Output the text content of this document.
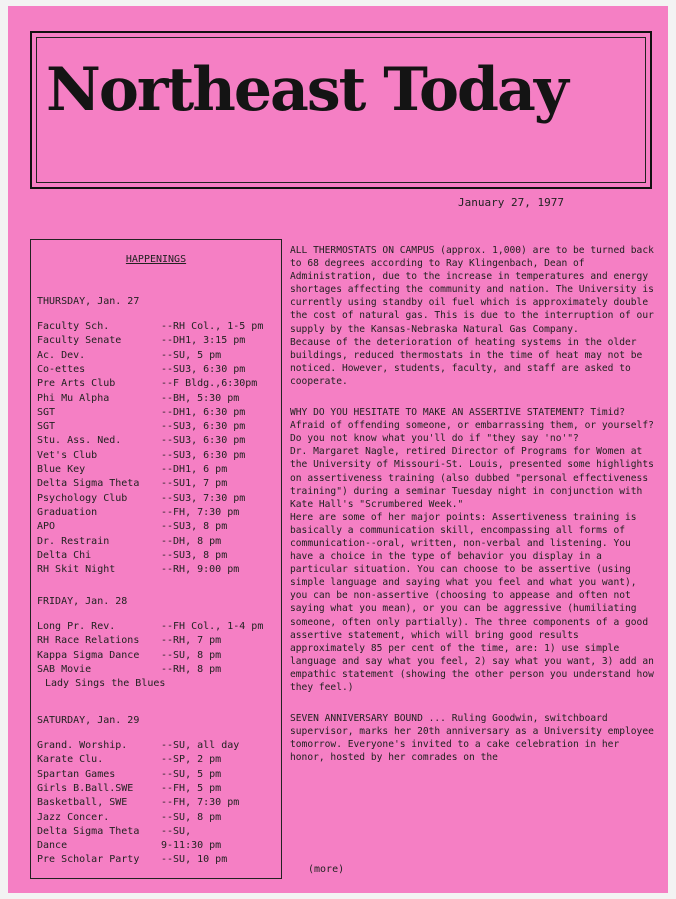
Northeast Today
January 27, 1977
HAPPENINGS
THURSDAY, Jan. 27
Faculty Sch.	--RH Col., 1-5 pm
Faculty Senate	--DH1, 3:15 pm
Ac. Dev.	--SU, 5 pm
Co-ettes	--SU3, 6:30 pm
Pre Arts Club	--F Bldg.,6:30pm
Phi Mu Alpha	--BH, 5:30 pm
SGT	--DH1, 6:30 pm
SGT	--SU3, 6:30 pm
Stu. Ass. Ned.	--SU3, 6:30 pm
Vet's Club	--SU3, 6:30 pm
Blue Key	--DH1, 6 pm
Delta Sigma Theta --SU1, 7 pm
Psychology Club	--SU3, 7:30 pm
Graduation	--FH, 7:30 pm
APO	--SU3, 8 pm
Dr. Restrain	--DH, 8 pm
Delta Chi	--SU3, 8 pm
RH Skit Night	--RH, 9:00 pm
FRIDAY, Jan. 28
Long Pr. Rev.	--FH Col., 1-4 pm
RH Race Relations --RH, 7 pm
Kappa Sigma Dance --SU, 8 pm
SAB Movie	--RH, 8 pm
Lady Sings the Blues
SATURDAY, Jan. 29
Grand. Worship.	--SU, all day
Karate Clu.	--SP, 2 pm
Spartan Games	--SU, 5 pm
Girls B.Ball.SWE	--FH, 5 pm
Basketball, SWE	--FH, 7:30 pm
Jazz Concer.	--SU, 8 pm
Delta Sigma Theta --SU,
Dance	9-11:30 pm
Pre Scholar Party --SU, 10 pm

ALL THERMOSTATS ON CAMPUS (approx. 1,000) are to be turned back to 68 degrees according to Ray Klingenbach, Dean of Administration, due to the increase in temperatures and energy shortages affecting the community and nation. The University is currently using standby oil fuel which is approximately double the cost of natural gas. This is due to the interruption of our supply by the Kansas-Nebraska Natural Gas Company.
Because of the deterioration of heating systems in the older buildings, reduced thermostats in the time of heat may not be noticed. However, students, faculty, and staff are asked to cooperate.

WHY DO YOU HESITATE TO MAKE AN ASSERTIVE STATEMENT? Timid? Afraid of offending someone, or embarrassing them, or yourself? Do you not know what you'll do if "they say 'no'"?
Dr. Margaret Nagle, retired Director of Programs for Women at the University of Missouri-St. Louis, presented some highlights on assertiveness training (also dubbed "personal effectiveness training") during a seminar Tuesday night in conjunction with Kate Hall's "Scrumbered Week."
Here are some of her major points: Assertiveness training is basically a communication skill, encompassing all forms of communication--oral, written, non-verbal and listening. You have a choice in the type of behavior you display in a particular situation. You can choose to be assertive (using simple language and saying what you feel and what you want), you can be non-assertive (choosing to appease and often not saying what you mean), or you can be aggressive (humiliating someone, often only partially). The three components of a good assertive statement, which will bring good results approximately 85 per cent of the time, are: 1) use simple language and say what you feel, 2) say what you want, 3) add an empathic statement (showing the other person you understand how they feel.)

SEVEN ANNIVERSARY BOUND ... Ruling Goodwin, switchboard supervisor, marks her 20th anniversary as a University employee tomorrow. Everyone's invited to a cake celebration in her honor, hosted by her comrades on the

(more)
